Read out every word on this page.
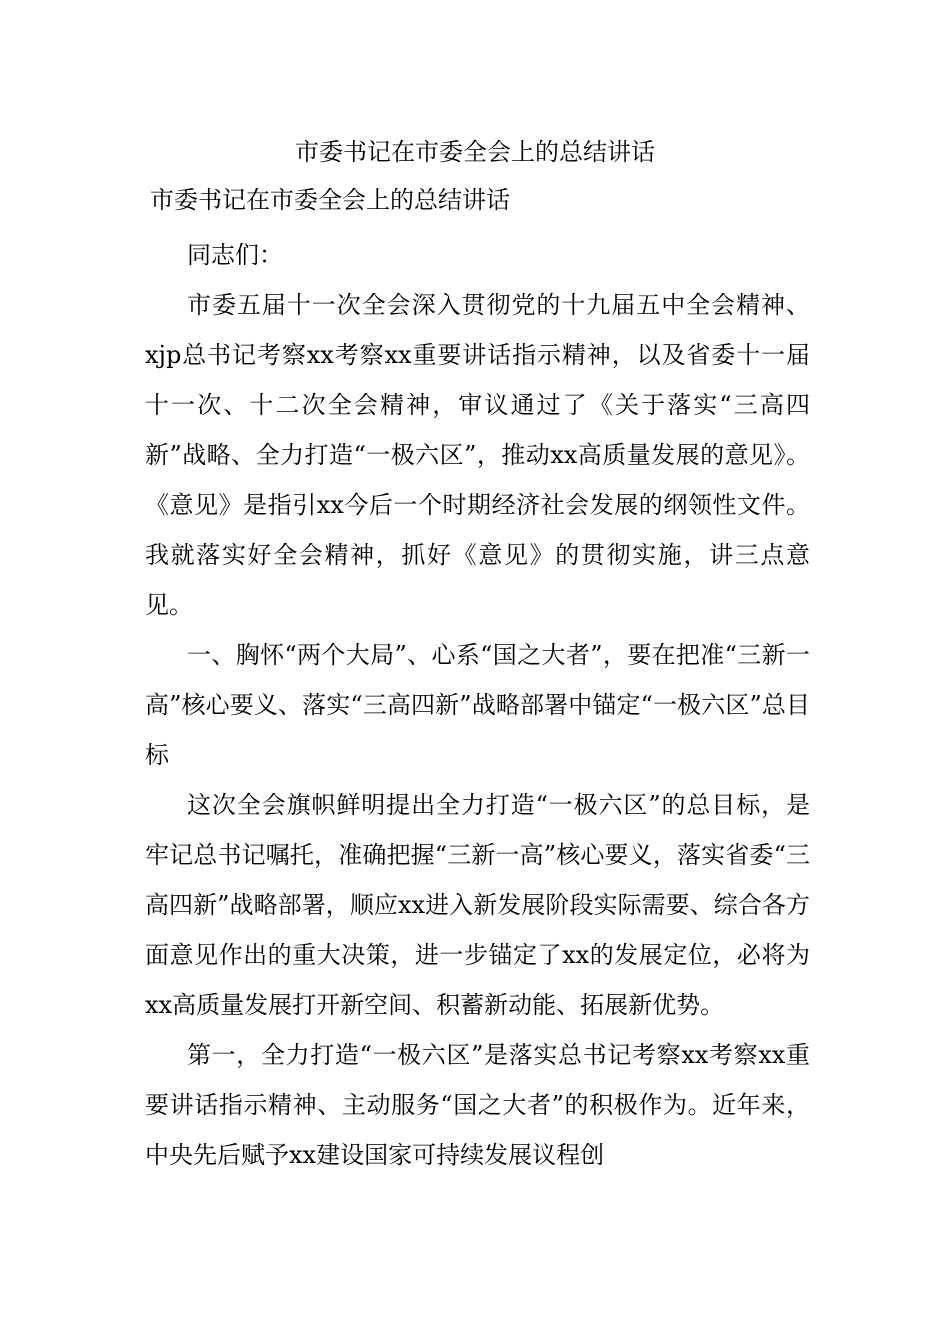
市委书记在市委全会上的总结讲话
市委书记在市委全会上的总结讲话

同志们：

市委五届十一次全会深入贯彻党的十九届五中全会精神、xjp总书记考察xx考察xx重要讲话指示精神，以及省委十一届十一次、十二次全会精神，审议通过了《关于落实“三高四新”战略、全力打造“一极六区”，推动xx高质量发展的意见》。《意见》是指引xx今后一个时期经济社会发展的纲领性文件。我就落实好全会精神，抓好《意见》的贯彻实施，讲三点意见。

一、胸怀“两个大局”、心系“国之大者”，要在把准“三新一高”核心要义、落实“三高四新”战略部署中锚定“一极六区”总目标

这次全会旗帜鲜明提出全力打造“一极六区”的总目标，是牢记总书记嘱托，准确把握“三新一高”核心要义，落实省委“三高四新”战略部署，顺应xx进入新发展阶段实际需要、综合各方面意见作出的重大决策，进一步锚定了xx的发展定位，必将为xx高质量发展打开新空间、积蓄新动能、拓展新优势。

第一，全力打造“一极六区”是落实总书记考察xx考察xx重要讲话指示精神、主动服务“国之大者”的积极作为。近年来，中央先后赋予xx建设国家可持续发展议程创
